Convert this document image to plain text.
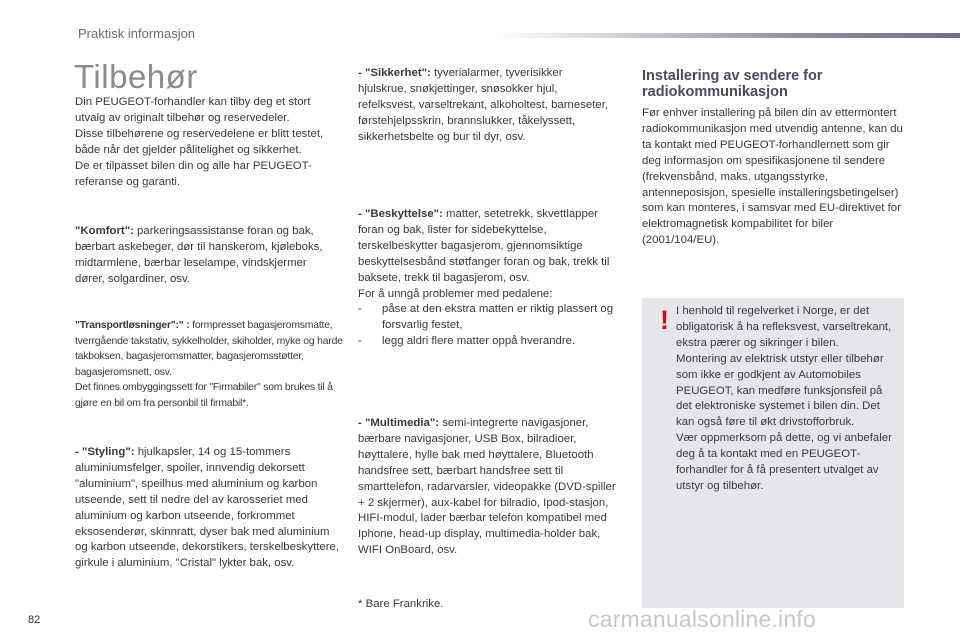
Praktisk informasjon
Tilbehør

Din PEUGEOT-forhandler kan tilby deg et stort utvalg av originalt tilbehør og reservedeler.

Disse tilbehørene og reservedelene er blitt testet, både når det gjelder pålitelighet og sikkerhet.

De er tilpasset bilen din og alle har PEUGEOT-referanse og garanti.

"Komfort": parkeringsassistanse foran og bak, bærbart askebeger, dør til hanskerom, kjøleboks, midtarmlene, bærbar leselampe, vindskjermer dører, solgardiner, osv.

"Transportløsninger":" : formpresset bagasjeromsmatte, tverrgående takstativ, sykkelholder, skiholder, myke og harde takboksen, bagasjeromsmatter, bagasjeromsstøtter, bagasjeromsnett, osv.

Det finnes ombyggingssett for "Firmabiler" som brukes til å gjøre en bil om fra personbil til firmabil*.

- "Styling": hjulkapsler, 14 og 15-tommers aluminiumsfelger, spoiler, innvendig dekorsett "aluminium", speilhus med aluminium og karbon utseende, sett til nedre del av karosseriet med aluminium og karbon utseende, forkrommet eksosenderør, skinnratt, dyser bak med aluminium og karbon utseende, dekorstikers, terskelbeskyttere, girkule i aluminium, "Cristal" lykter bak, osv.

- "Sikkerhet": tyverialarmer, tyverisikker hjulskrue, snøkjettinger, snøsokker hjul, refelksvest, varseltrekant, alkoholtest, barneseter, førstehjelpsskrin, brannslukker, tåkelyssett, sikkerhetsbelte og bur til dyr, osv.

- "Beskyttelse": matter, setetrekk, skvettlapper foran og bak, lister for sidebekyttelse, terskelbeskytter bagasjerom, gjennomsiktige beskyttelsesbånd støtfanger foran og bak, trekk til baksete, trekk til bagasjerom, osv.

For å unngå problemer med pedalene:

- påse at den ekstra matten er riktig plassert og forsvarlig festet,

- legg aldri flere matter oppå hverandre.

- "Multimedia": semi-integrerte navigasjoner, bærbare navigasjoner, USB Box, bilradioer, høyttalere, hylle bak med høyttalere, Bluetooth handsfree sett, bærbart handsfree sett til smarttelefon, radarvarsler, videopakke (DVD-spiller + 2 skjermer), aux-kabel for bilradio, Ipod-stasjon, HIFI-modul, lader bærbar telefon kompatibel med Iphone, head-up display, multimedia-holder bak, WIFI OnBoard, osv.

* Bare Frankrike.
Installering av sendere for radiokommunikasjon
Før enhver installering på bilen din av ettermontert radiokommunikasjon med utvendig antenne, kan du ta kontakt med PEUGEOT-forhandlernett som gir deg informasjon om spesifikasjonene til sendere (frekvensbånd, maks. utgangsstyrke, antenneposisjon, spesielle installeringsbetingelser) som kan monteres, i samsvar med EU-direktivet for elektromagnetisk kompabilitet for biler (2001/104/EU).
! I henhold til regelverket i Norge, er det obligatorisk å ha refleksvest, varseltrekant, ekstra pærer og sikringer i bilen.

Montering av elektrisk utstyr eller tilbehør som ikke er godkjent av Automobiles PEUGEOT, kan medføre funksjonsfeil på det elektroniske systemet i bilen din. Det kan også føre til økt drivstofforbruk.

Vær oppmerksom på dette, og vi anbefaler deg å ta kontakt med en PEUGEOT-forhandler for å få presentert utvalget av utstyr og tilbehør.

82	carmanualsonline.info
